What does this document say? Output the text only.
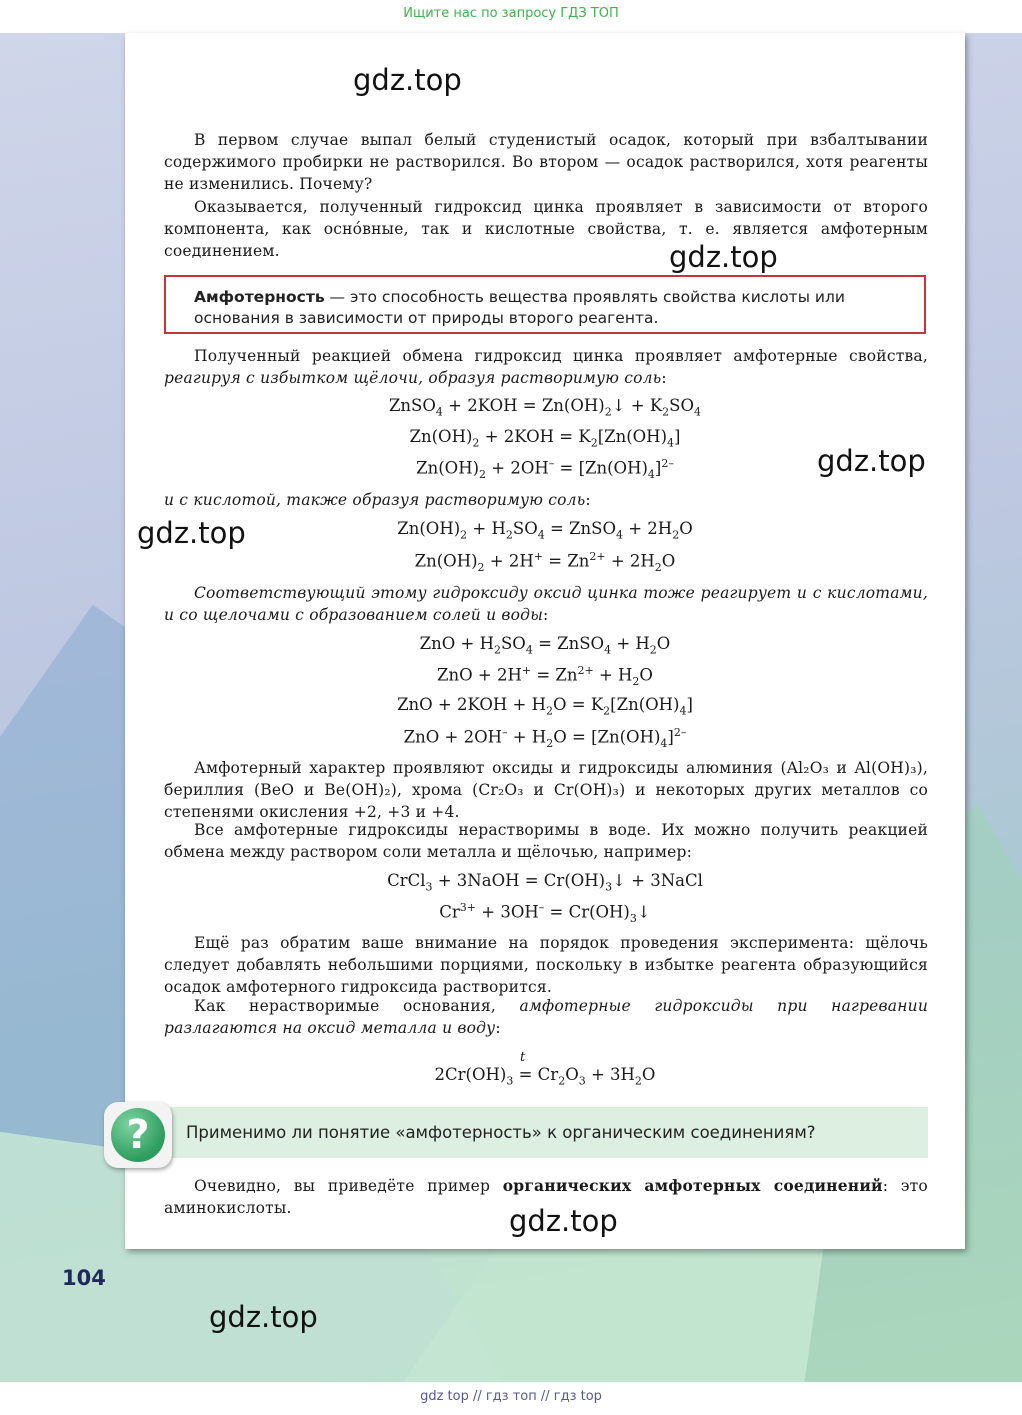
Ищите нас по запросу ГДЗ ТОП
gdz.top
gdz.top
gdz.top
gdz.top
gdz.top
gdz.top

В первом случае выпал белый студенистый осадок, который при взбалтывании содержимого пробирки не растворился. Во втором — осадок растворился, хотя реагенты не изменились. Почему?

Оказывается, полученный гидроксид цинка проявляет в зависимости от второго компонента, как осно́вные, так и кислотные свойства, т. е. является амфотерным соединением.

Амфотерность — это способность вещества проявлять свойства кислоты или основания в зависимости от природы второго реагента.

Полученный реакцией обмена гидроксид цинка проявляет амфотерные свойства, реагируя с избытком щёлочи, образуя растворимую соль:

ZnSO$_4$ + $2KOH = Zn(OH)_2↓ + K_2SO_4$
$Zn(OH)_2 + 2KOH = K_2[Zn(OH)_4]$
$Zn(OH)_2 + 2OH^- = [Zn(OH)_4]^{2-}$

и с кислотой, также образуя растворимую соль:

$Zn(OH)_2 + H_2SO_4$ = ZnSO$_4$ + $2H_2O$
$Zn(OH)_2 + 2H^+ = Zn^{2+} + 2H_2O$

Соответствующий этому гидроксиду оксид цинка тоже реагирует и с кислотами, и со щелочами с образованием солей и воды:

ZnO + $H_2SO_4$ = ZnSO$_4$ + $H_2O$
ZnO + $2H^+ = Zn^{2+} + H_2O$
ZnO + $2KOH + H_2O = K_2[Zn(OH)_4]$
ZnO + $2OH^- + H_2O = [Zn(OH)_4]^{2-}$

Амфотерный характер проявляют оксиды и гидроксиды алюминия (Al₂O₃ и Al(OH)₃), бериллия (BeO и Be(OH)₂), хрома (Cr₂O₃ и Cr(OH)₃) и некоторых других металлов со степенями окисления +2, +3 и +4.

Все амфотерные гидроксиды нерастворимы в воде. Их можно получить реакцией обмена между раствором соли металла и щёлочью, например:

CrCl$_3$ + 3NaOH = $Cr(OH)_3↓$ + 3NaCl
$Cr^{3+} + 3OH^-$ = $Cr(OH)_3↓$

Ещё раз обратим ваше внимание на порядок проведения эксперимента: щёлочь следует добавлять небольшими порциями, поскольку в избытке реагента образующийся осадок амфотерного гидроксида растворится.

Как нерастворимые основания, амфотерные гидроксиды при нагревании разлагаются на оксид металла и воду:

t
$2Cr(OH)_3 = Cr_2O_3 + 3H_2O$
Применимо ли понятие «амфотерность» к органическим соединениям?
?

Очевидно, вы приведёте пример органических амфотерных соединений: это аминокислоты.

104
gdz top // гдз топ // гдз top
